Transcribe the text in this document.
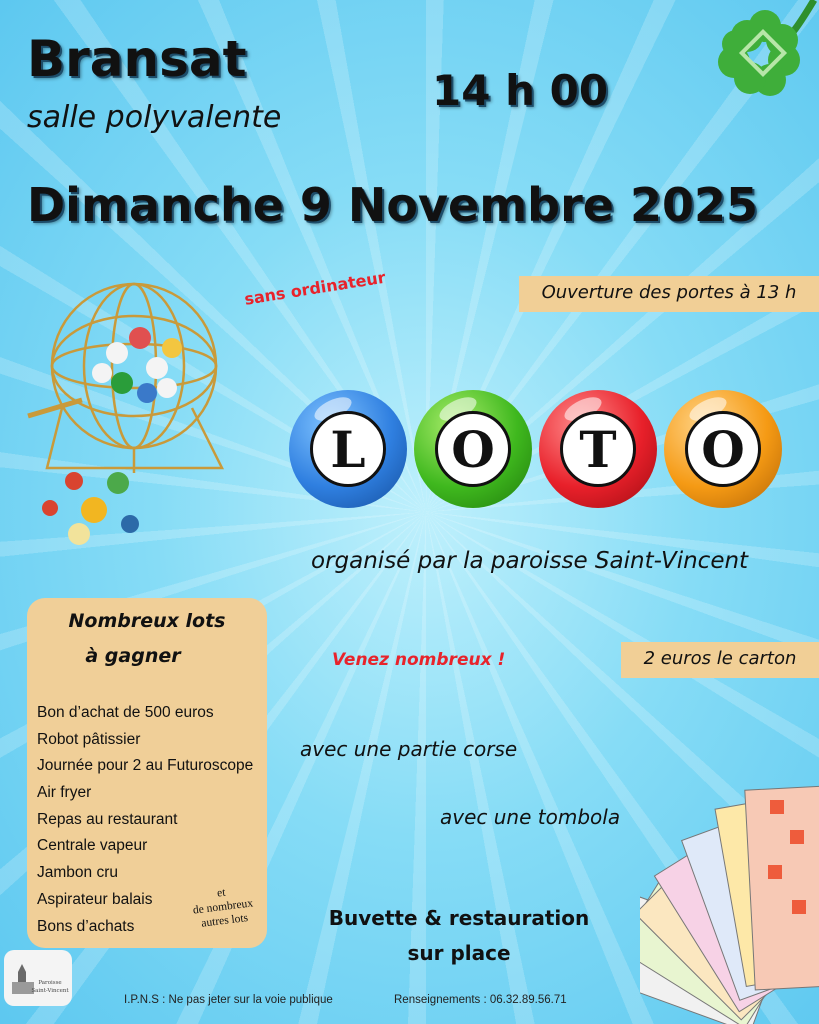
Bransat
salle polyvalente
14 h 00
Dimanche 9 Novembre 2025
Ouverture des portes à 13 h
2 euros le carton
sans ordinateur
Venez nombreux !
L	O	T	O
organisé par la paroisse Saint-Vincent
Nombreux lots
à gagner
Bon d’achat de 500 euros
Robot pâtissier
Journée pour 2 au Futuroscope
Air fryer
Repas au restaurant
Centrale vapeur
Jambon cru
Aspirateur balais
Bons d’achats
et
de nombreux
autres lots
avec une partie corse
avec une tombola
Buvette & restauration
sur place
Paroisse
Saint-Vincent
I.P.N.S : Ne pas jeter sur la voie publique	Renseignements : 06.32.89.56.71
